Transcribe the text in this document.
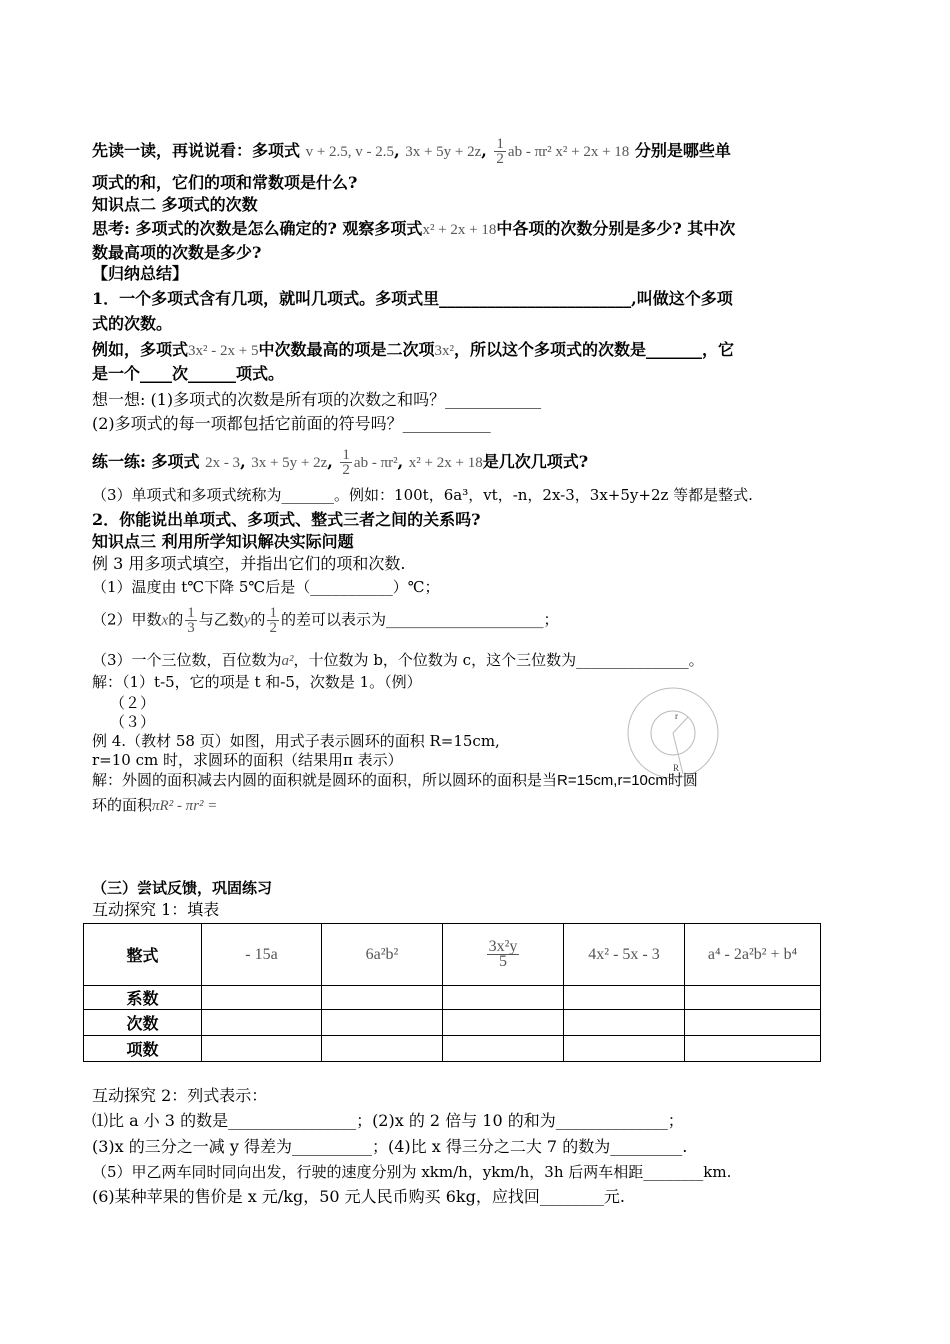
先读一读，再说说看：多项式 v + 2.5, v - 2.5, 3x + 5y + 2z, $\frac{1}{2}$ ab - πr² x² + 2x + 18 分别是哪些单
项式的和，它们的项和常数项是什么?
知识点二 多项式的次数
思考: 多项式的次数是怎么确定的? 观察多项式x² + 2x + 18中各项的次数分别是多少? 其中次
数最高项的次数是多少?
【归纳总结】
1．一个多项式含有几项，就叫几项式。多项式里________________________,叫做这个多项
式的次数。
例如，多项式3x² - 2x + 5中次数最高的项是二次项3x²，所以这个多项式的次数是_______，它
是一个____次______项式。
想一想: (1)多项式的次数是所有项的次数之和吗？____________
(2)多项式的每一项都包括它前面的符号吗？___________
练一练: 多项式 2x - 3, 3x + 5y + 2z, $\frac{1}{2}$ ab - πr², x² + 2x + 18是几次几项式?
（3）单项式和多项式统称为_______。例如：100t，6a³，vt，-n，2x-3，3x+5y+2z 等都是整式.
2．你能说出单项式、多项式、整式三者之间的关系吗?
知识点三 利用所学知识解决实际问题
例 3 用多项式填空，并指出它们的项和次数.
（1）温度由 t℃下降 5℃后是（___________）℃；
（2）甲数x的 $\frac{1}{3}$ 与乙数y的 $\frac{1}{2}$ 的差可以表示为_____________________；
（3）一个三位数，百位数为a²，十位数为 b，个位数为 c，这个三位数为_______________。
解：（1）t-5，它的项是 t 和-5，次数是 1。（例）
（２）
（３）	r
R
例 4.（教材 58 页）如图，用式子表示圆环的面积 R=15cm,
r=10 cm 时，求圆环的面积（结果用π 表示）
解：外圆的面积减去内圆的面积就是圆环的面积，所以圆环的面积是当R=15cm,r=10cm时圆
环的面积πR² - πr² =
（三）尝试反馈，巩固练习
互动探究 1：填表
整式	- 15a	6a²b²	$\frac{\text{3x²y}}{5}$	4x² - 5x - 3	a⁴ - 2a²b² + b⁴
系数					
次数					
项数					
互动探究 2：列式表示：
⑴比 a 小 3 的数是________________；(2)x 的 2 倍与 10 的和为______________；
(3)x 的三分之一减 y 得差为__________；(4)比 x 得三分之二大 7 的数为_________.
（5）甲乙两车同时同向出发，行驶的速度分别为 xkm/h，ykm/h，3h 后两车相距________km.
(6)某种苹果的售价是 x 元/kg，50 元人民币购买 6kg，应找回________元.
